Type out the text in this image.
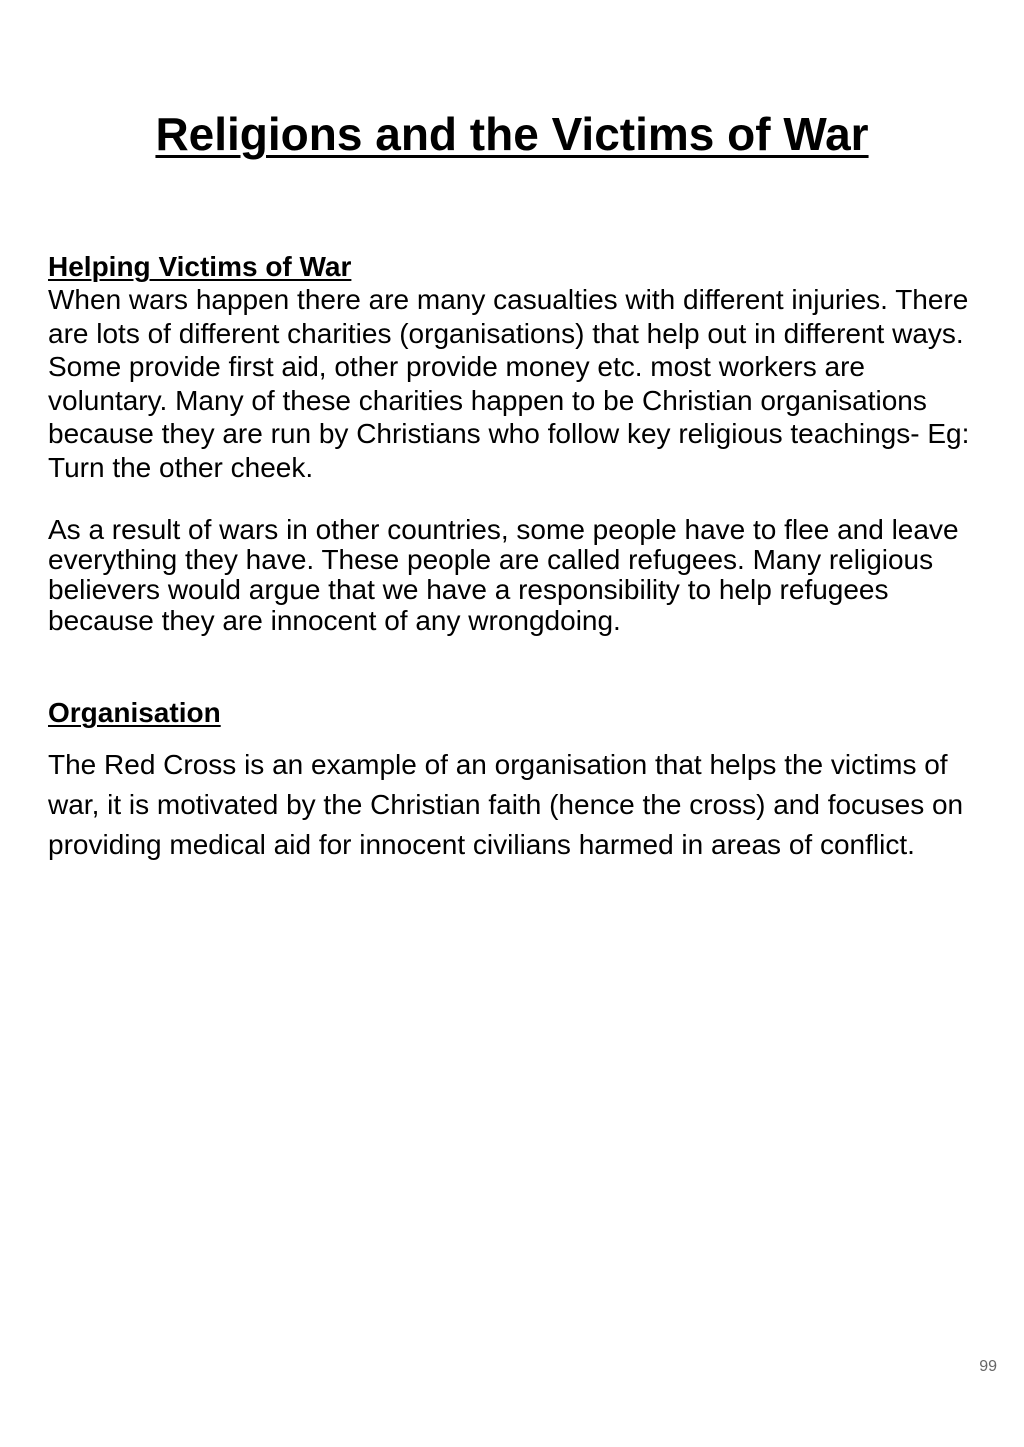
Religions and the Victims of War
Helping Victims of War

When wars happen there are many casualties with different injuries. There are lots of different charities (organisations) that help out in different ways. Some provide first aid, other provide money etc. most workers are voluntary. Many of these charities happen to be Christian organisations because they are run by Christians who follow key religious teachings- Eg: Turn the other cheek.

As a result of wars in other countries, some people have to flee and leave everything they have. These people are called refugees. Many religious believers would argue that we have a responsibility to help refugees because they are innocent of any wrongdoing.

Organisation

The Red Cross is an example of an organisation that helps the victims of war, it is motivated by the Christian faith (hence the cross) and focuses on providing medical aid for innocent civilians harmed in areas of conflict.

99
